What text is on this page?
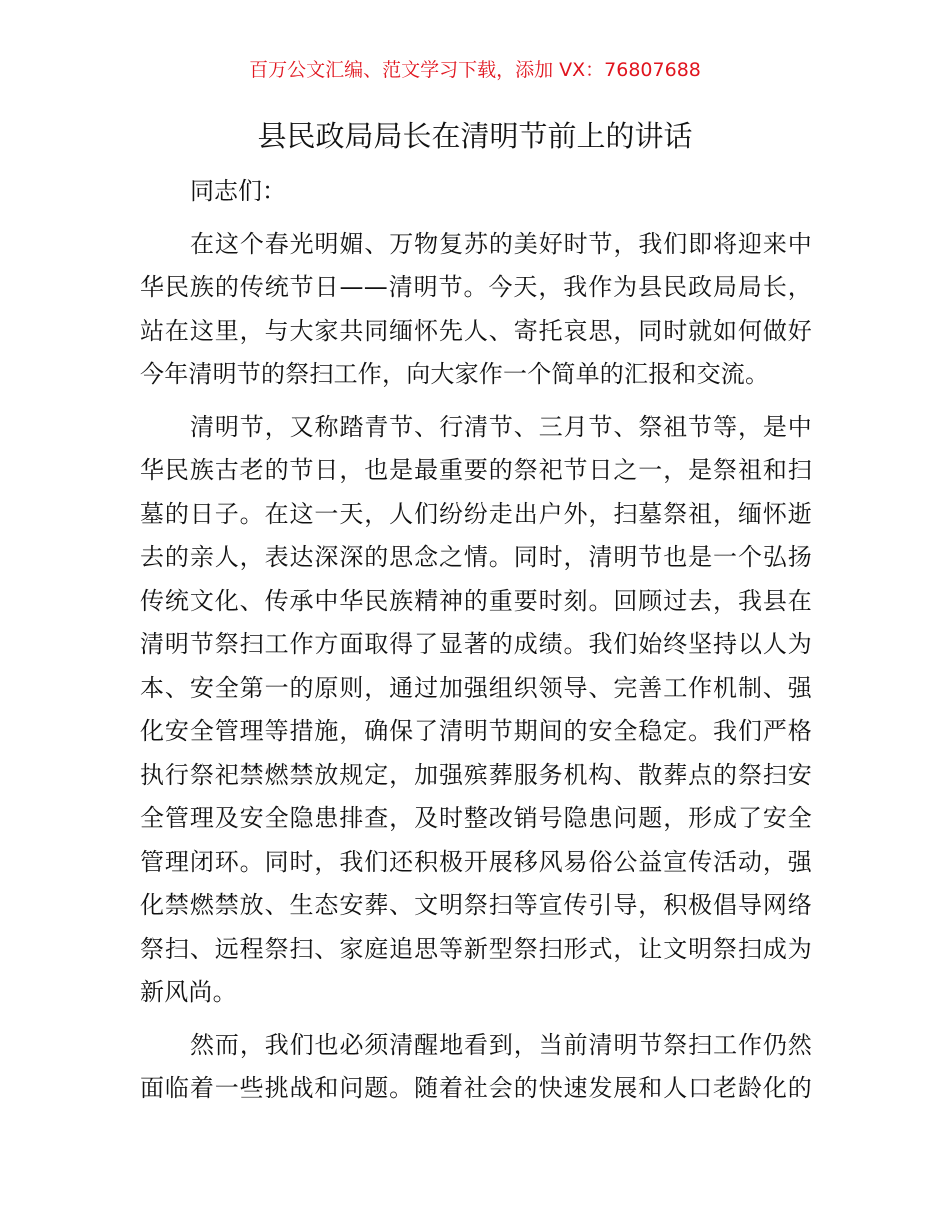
百万公文汇编、范文学习下载，添加 VX：76807688
县民政局局长在清明节前上的讲话
同志们：
在这个春光明媚、万物复苏的美好时节，我们即将迎来中
华民族的传统节日——清明节。今天，我作为县民政局局长，
站在这里，与大家共同缅怀先人、寄托哀思，同时就如何做好
今年清明节的祭扫工作，向大家作一个简单的汇报和交流。
清明节，又称踏青节、行清节、三月节、祭祖节等，是中
华民族古老的节日，也是最重要的祭祀节日之一，是祭祖和扫
墓的日子。在这一天，人们纷纷走出户外，扫墓祭祖，缅怀逝
去的亲人，表达深深的思念之情。同时，清明节也是一个弘扬
传统文化、传承中华民族精神的重要时刻。回顾过去，我县在
清明节祭扫工作方面取得了显著的成绩。我们始终坚持以人为
本、安全第一的原则，通过加强组织领导、完善工作机制、强
化安全管理等措施，确保了清明节期间的安全稳定。我们严格
执行祭祀禁燃禁放规定，加强殡葬服务机构、散葬点的祭扫安
全管理及安全隐患排查，及时整改销号隐患问题，形成了安全
管理闭环。同时，我们还积极开展移风易俗公益宣传活动，强
化禁燃禁放、生态安葬、文明祭扫等宣传引导，积极倡导网络
祭扫、远程祭扫、家庭追思等新型祭扫形式，让文明祭扫成为
新风尚。
然而，我们也必须清醒地看到，当前清明节祭扫工作仍然
面临着一些挑战和问题。随着社会的快速发展和人口老龄化的
